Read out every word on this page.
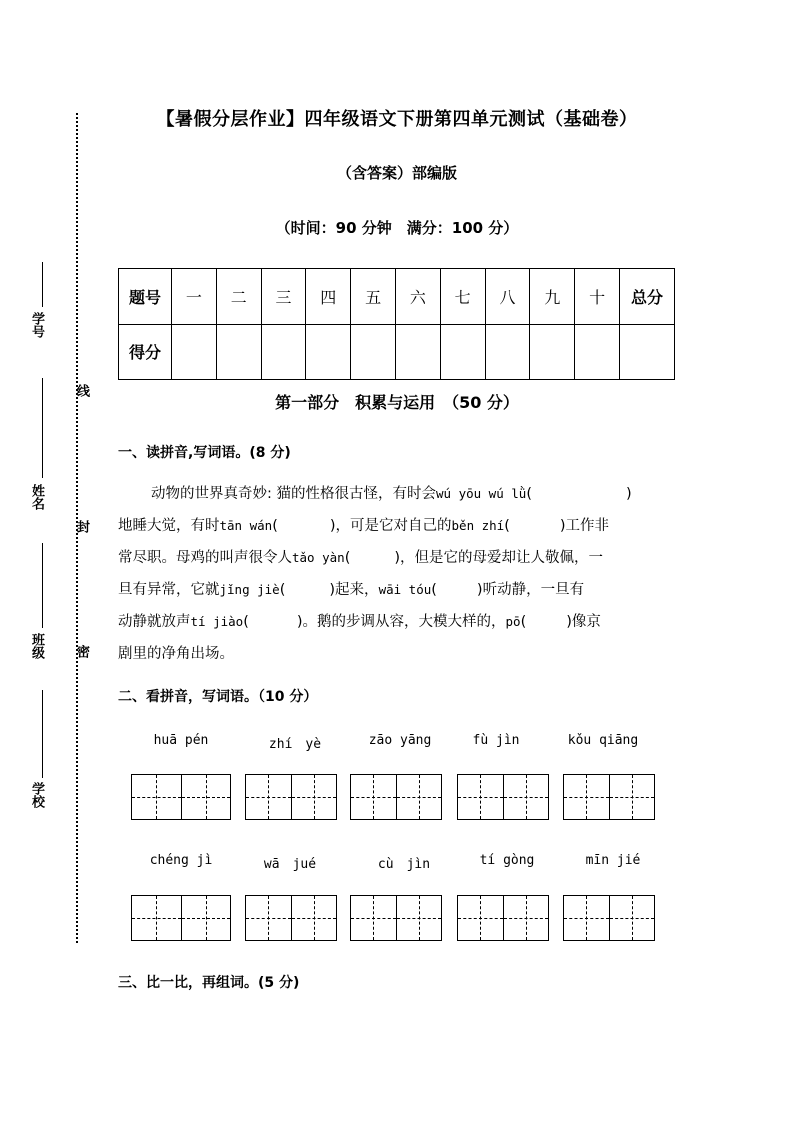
线
封
密
学号
姓名
班级
学校
【暑假分层作业】四年级语文下册第四单元测试（基础卷）
（含答案）部编版
（时间：90 分钟　满分：100 分）
题号	一	二	三	四	五	六	七	八	九	十	总分
得分											
第一部分　积累与运用　（50 分）
一、读拼音,写词语。(8 分)
动物的世界真奇妙: 猫的性格很古怪，有时会wú yōu wú lǜ(	)
地睡大觉，有时tān wán(	)，可是它对自己的běn zhí(	)工作非
常尽职。母鸡的叫声很令人tǎo yàn(	)，但是它的母爱却让人敬佩，一
旦有异常，它就jǐng jiè(	)起来，wāi tóu(	)听动静，一旦有
动静就放声tí jiào(	)。鹅的步调从容，大模大样的，pō(	)像京
剧里的净角出场。
二、看拼音，写词语。（10 分）
huā pén	zhí　yè	zāo yāng	fù jìn	kǒu qiāng
chéng jì	wā　jué	cù　jìn	tí gòng	mīn jié
三、比一比，再组词。(5 分)
